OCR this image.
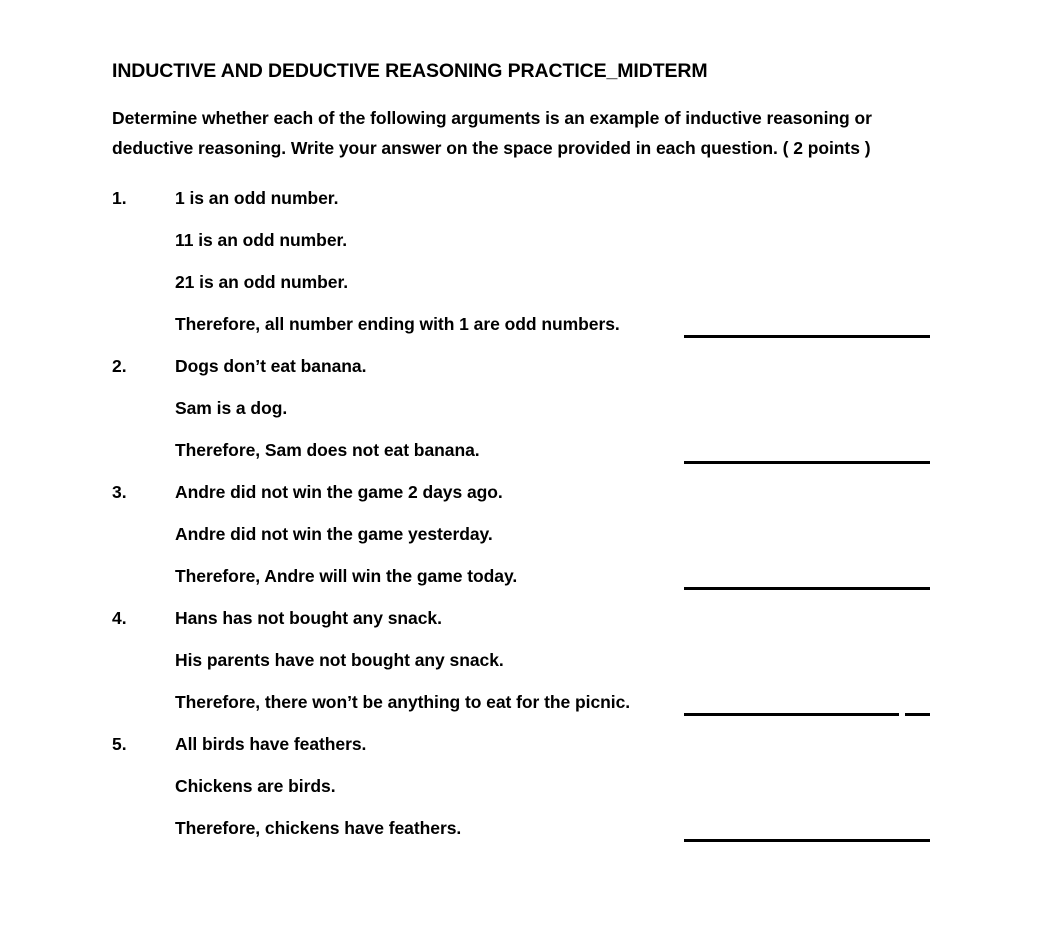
INDUCTIVE AND DEDUCTIVE REASONING PRACTICE_MIDTERM

Determine whether each of the following arguments is an example of inductive reasoning or deductive reasoning. Write your answer on the space provided in each question. ( 2 points )

1.	1 is an odd number.
11 is an odd number.
21 is an odd number.
Therefore, all number ending with 1 are odd numbers.
2.	Dogs don’t eat banana.
Sam is a dog.
Therefore, Sam does not eat banana.
3.	Andre did not win the game 2 days ago.
Andre did not win the game yesterday.
Therefore, Andre will win the game today.
4.	Hans has not bought any snack.
His parents have not bought any snack.
Therefore, there won’t be anything to eat for the picnic.
5.	All birds have feathers.
Chickens are birds.
Therefore, chickens have feathers.
